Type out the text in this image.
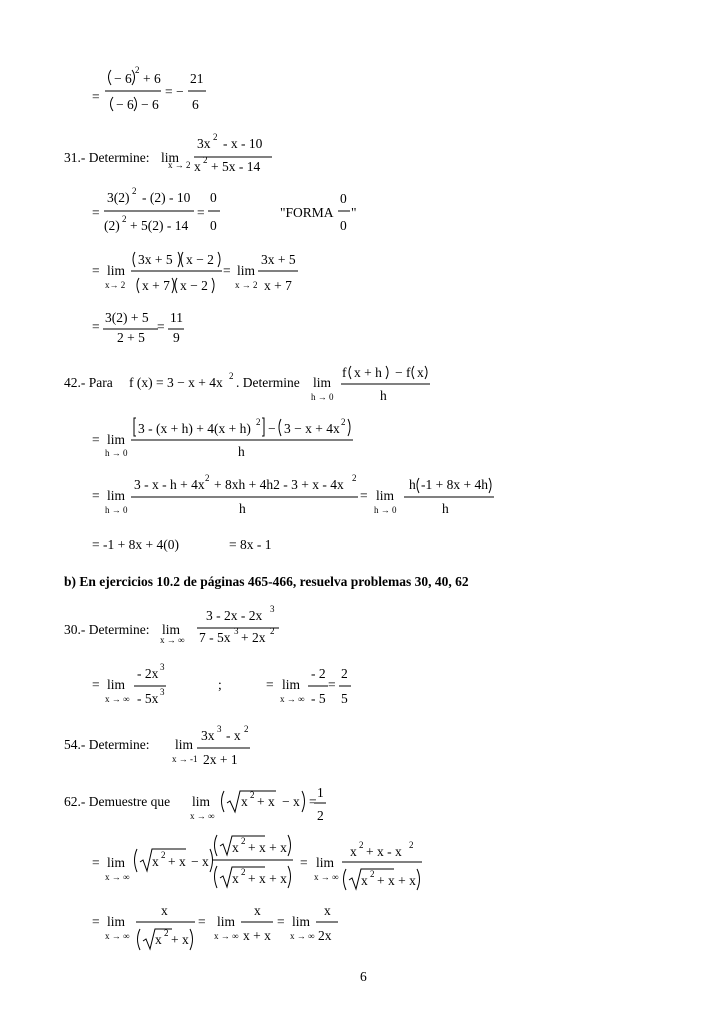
=
− 6
2
+ 6
− 6 − 6
= −
21
6
31.- Determine: lim
x → 2
3x 2 - x - 10
x 2 + 5x - 14
=
3(2) 2 - (2) - 10
(2) 2 + 5(2) - 14
=
0
0
"FORMA
0
0
"
= lim
x→ 2
3x + 5 x − 2
x + 7 x − 2
= lim
x → 2
3x + 5
x + 7
=
3(2) + 5
2 + 5
=
11
9
42.- Para f (x) = 3 − x + 4x 2 . Determine lim
h → 0
f x + h − f x
h
= lim
h → 0
3 - (x + h) + 4(x + h) 2 − 3 − x + 4x 2
h
= lim
h → 0
3 - x - h + 4x 2 + 8xh + 4h2 - 3 + x - 4x 2
h
= lim
h → 0
h -1 + 8x + 4h
h
= -1 + 8x + 4(0)	= 8x - 1
b) En ejercicios 10.2 de páginas 465-466, resuelva problemas 30, 40, 62
30.- Determine: lim
x → ∞
3 - 2x - 2x 3
7 - 5x 3 + 2x 2
= lim
x → ∞
- 2x 3
- 5x 3	;	= lim
x → ∞
- 2
- 5
=
2
5
54.- Determine: lim
x → -1
3x 3 - x 2
2x + 1
62.- Demuestre que lim
x → ∞
x 2 + x − x =
1
2
= lim
x → ∞
x 2 + x − x
x 2 + x + x
x 2 + x + x
= lim
x → ∞
x 2 + x - x 2
x 2 + x + x
= lim
x → ∞
x
x 2 + x
= lim
x → ∞
x
x + x
= lim
x → ∞
x
2x
6
